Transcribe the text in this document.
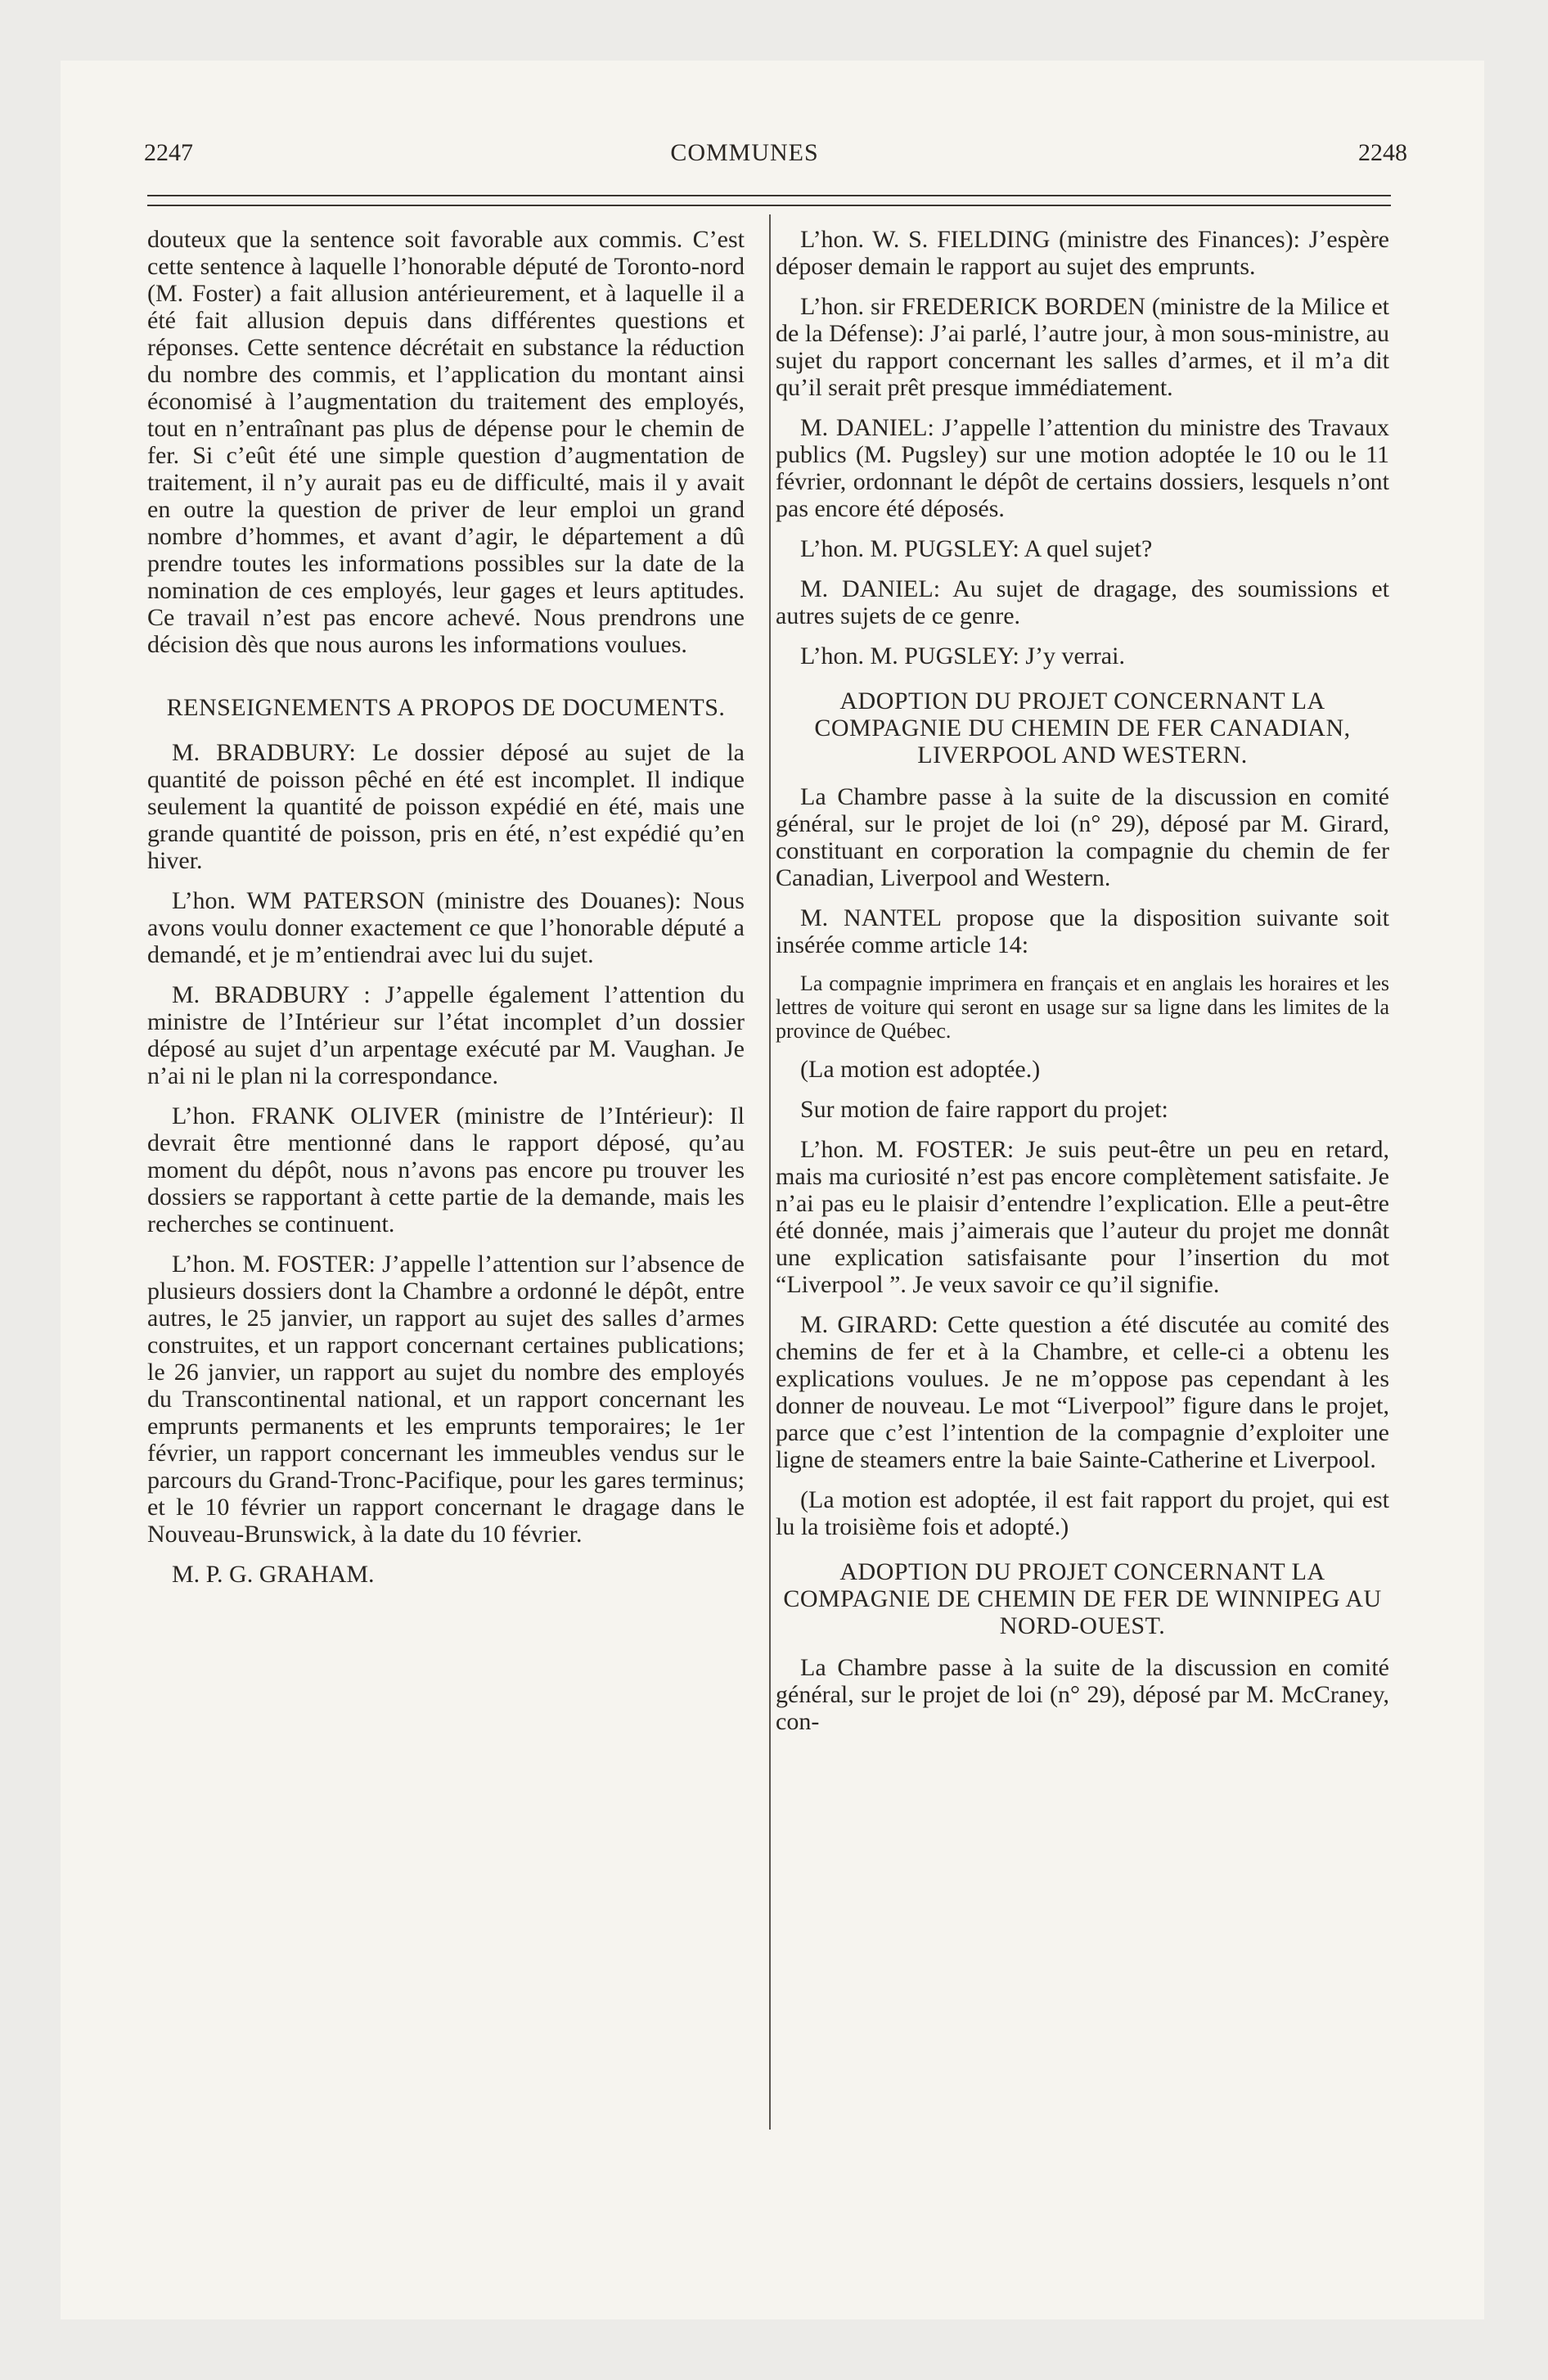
2247	COMMUNES	2248

douteux que la sentence soit favorable aux commis. C’est cette sentence à laquelle l’honorable député de Toronto-nord (M. Foster) a fait allusion antérieurement, et à laquelle il a été fait allusion depuis dans différentes questions et réponses. Cette sentence décrétait en substance la réduction du nombre des commis, et l’application du montant ainsi économisé à l’augmentation du traitement des employés, tout en n’entraînant pas plus de dépense pour le chemin de fer. Si c’eût été une simple question d’augmentation de traitement, il n’y aurait pas eu de difficulté, mais il y avait en outre la question de priver de leur emploi un grand nombre d’hommes, et avant d’agir, le département a dû prendre toutes les informations possibles sur la date de la nomination de ces employés, leur gages et leurs aptitudes. Ce travail n’est pas encore achevé. Nous prendrons une décision dès que nous aurons les informations voulues.

RENSEIGNEMENTS A PROPOS DE DOCUMENTS.

M. BRADBURY: Le dossier déposé au sujet de la quantité de poisson pêché en été est incomplet. Il indique seulement la quantité de poisson expédié en été, mais une grande quantité de poisson, pris en été, n’est expédié qu’en hiver.

L’hon. WM PATERSON (ministre des Douanes): Nous avons voulu donner exactement ce que l’honorable député a demandé, et je m’entiendrai avec lui du sujet.

M. BRADBURY : J’appelle également l’attention du ministre de l’Intérieur sur l’état incomplet d’un dossier déposé au sujet d’un arpentage exécuté par M. Vaughan. Je n’ai ni le plan ni la correspondance.

L’hon. FRANK OLIVER (ministre de l’Intérieur): Il devrait être mentionné dans le rapport déposé, qu’au moment du dépôt, nous n’avons pas encore pu trouver les dossiers se rapportant à cette partie de la demande, mais les recherches se continuent.

L’hon. M. FOSTER: J’appelle l’attention sur l’absence de plusieurs dossiers dont la Chambre a ordonné le dépôt, entre autres, le 25 janvier, un rapport au sujet des salles d’armes construites, et un rapport concernant certaines publications; le 26 janvier, un rapport au sujet du nombre des employés du Transcontinental national, et un rapport concernant les emprunts permanents et les emprunts temporaires; le 1er février, un rapport concernant les immeubles vendus sur le parcours du Grand-Tronc-Pacifique, pour les gares terminus; et le 10 février un rapport concernant le dragage dans le Nouveau-Brunswick, à la date du 10 février.

M. P. G. GRAHAM.

L’hon. W. S. FIELDING (ministre des Finances): J’espère déposer demain le rapport au sujet des emprunts.

L’hon. sir FREDERICK BORDEN (ministre de la Milice et de la Défense): J’ai parlé, l’autre jour, à mon sous-ministre, au sujet du rapport concernant les salles d’armes, et il m’a dit qu’il serait prêt presque immédiatement.

M. DANIEL: J’appelle l’attention du ministre des Travaux publics (M. Pugsley) sur une motion adoptée le 10 ou le 11 février, ordonnant le dépôt de certains dossiers, lesquels n’ont pas encore été déposés.

L’hon. M. PUGSLEY: A quel sujet?

M. DANIEL: Au sujet de dragage, des soumissions et autres sujets de ce genre.

L’hon. M. PUGSLEY: J’y verrai.

ADOPTION DU PROJET CONCERNANT LA COMPAGNIE DU CHEMIN DE FER CANADIAN, LIVERPOOL AND WESTERN.

La Chambre passe à la suite de la discussion en comité général, sur le projet de loi (n° 29), déposé par M. Girard, constituant en corporation la compagnie du chemin de fer Canadian, Liverpool and Western.

M. NANTEL propose que la disposition suivante soit insérée comme article 14:

La compagnie imprimera en français et en anglais les horaires et les lettres de voiture qui seront en usage sur sa ligne dans les limites de la province de Québec.

(La motion est adoptée.)

Sur motion de faire rapport du projet:

L’hon. M. FOSTER: Je suis peut-être un peu en retard, mais ma curiosité n’est pas encore complètement satisfaite. Je n’ai pas eu le plaisir d’entendre l’explication. Elle a peut-être été donnée, mais j’aimerais que l’auteur du projet me donnât une explication satisfaisante pour l’insertion du mot “Liverpool ”. Je veux savoir ce qu’il signifie.

M. GIRARD: Cette question a été discutée au comité des chemins de fer et à la Chambre, et celle-ci a obtenu les explications voulues. Je ne m’oppose pas cependant à les donner de nouveau. Le mot “Liverpool” figure dans le projet, parce que c’est l’intention de la compagnie d’exploiter une ligne de steamers entre la baie Sainte-Catherine et Liverpool.

(La motion est adoptée, il est fait rapport du projet, qui est lu la troisième fois et adopté.)

ADOPTION DU PROJET CONCERNANT LA COMPAGNIE DE CHEMIN DE FER DE WINNIPEG AU NORD-OUEST.

La Chambre passe à la suite de la discussion en comité général, sur le projet de loi (n° 29), déposé par M. McCraney, con-
